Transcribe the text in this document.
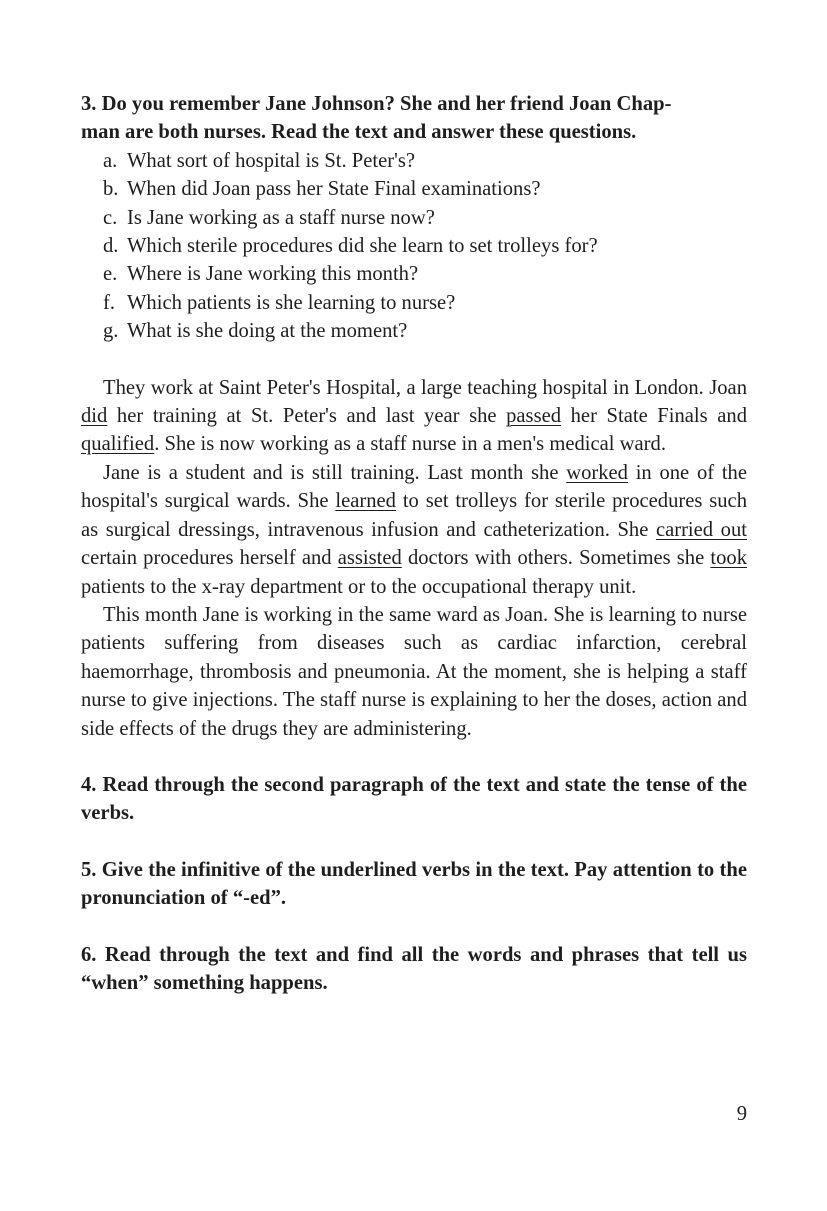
3. Do you remember Jane Johnson? She and her friend Joan Chap-
man are both nurses. Read the text and answer these questions.

a. What sort of hospital is St. Peter's?
b. When did Joan pass her State Final examinations?
c. Is Jane working as a staff nurse now?
d. Which sterile procedures did she learn to set trolleys for?
e. Where is Jane working this month?
f. Which patients is she learning to nurse?
g. What is she doing at the moment?

They work at Saint Peter's Hospital, a large teaching hospital in London. Joan did her training at St. Peter's and last year she passed her State Finals and qualified. She is now working as a staff nurse in a men's medical ward.

Jane is a student and is still training. Last month she worked in one of the hospital's surgical wards. She learned to set trolleys for sterile procedures such as surgical dressings, intravenous infusion and catheterization. She carried out certain procedures herself and assisted doctors with others. Sometimes she took patients to the x-ray department or to the occupational therapy unit.

This month Jane is working in the same ward as Joan. She is learning to nurse patients suffering from diseases such as cardiac infarction, cerebral haemorrhage, thrombosis and pneumonia. At the moment, she is helping a staff nurse to give injections. The staff nurse is explaining to her the doses, action and side effects of the drugs they are administering.

4. Read through the second paragraph of the text and state the tense of the verbs.

5. Give the infinitive of the underlined verbs in the text. Pay attention to the pronunciation of “-ed”.

6. Read through the text and find all the words and phrases that tell us “when” something happens.

9
